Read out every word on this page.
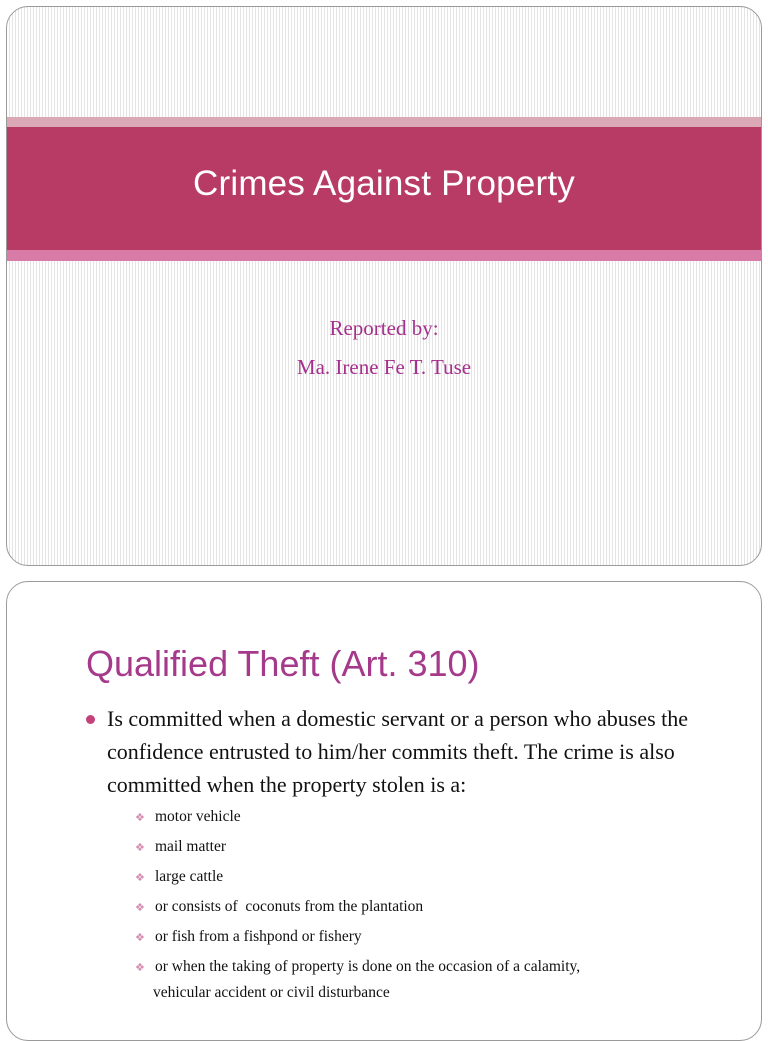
Crimes Against Property
Reported by:
Ma. Irene Fe T. Tuse
Qualified Theft (Art. 310)
Is committed when a domestic servant or a person who abuses the confidence entrusted to him/her commits theft. The crime is also committed when the property stolen is a:
❖ motor vehicle
❖ mail matter
❖ large cattle
❖ or consists of  coconuts from the plantation
❖ or fish from a fishpond or fishery
❖ or when the taking of property is done on the occasion of a calamity,
vehicular accident or civil disturbance
